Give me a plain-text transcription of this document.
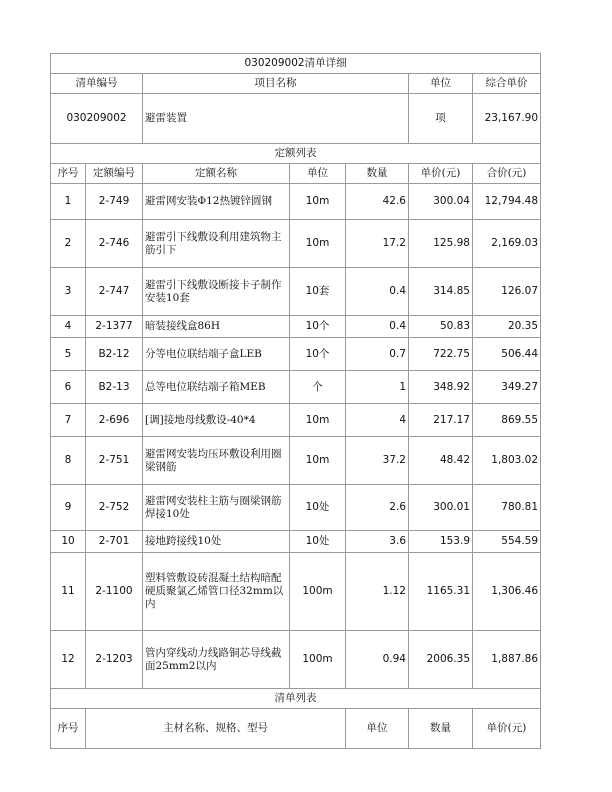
030209002清单详细							
清单编号		项目名称			单位	综合单价	
030209002		避雷装置			项	23,167.90	
定额列表							
序号	定额编号	定额名称	单位	数量	单价(元)	合价(元)	
1	2-749	避雷网安装Φ12热镀锌圆钢	10m	42.6	300.04	12,794.48	
2	2-746	避雷引下线敷设利用建筑物主筋引下	10m	17.2	125.98	2,169.03	
3	2-747	避雷引下线敷设断接卡子制作安装10套	10套	0.4	314.85	126.07	
4	2-1377	暗装接线盒86H	10个	0.4	50.83	20.35	
5	B2-12	分等电位联结端子盒LEB	10个	0.7	722.75	506.44	
6	B2-13	总等电位联结端子箱MEB	个	1	348.92	349.27	
7	2-696	[调]接地母线敷设-40*4	10m	4	217.17	869.55	
8	2-751	避雷网安装均压环敷设利用圈梁钢筋	10m	37.2	48.42	1,803.02	
9	2-752	避雷网安装柱主筋与圈梁钢筋焊接10处	10处	2.6	300.01	780.81	
10	2-701	接地跨接线10处	10处	3.6	153.9	554.59	
11	2-1100	塑料管敷设砖混凝土结构暗配硬质聚氯乙烯管口径32mm以内	100m	1.12	1165.31	1,306.46	
12	2-1203	管内穿线动力线路铜芯导线截面25mm2以内	100m	0.94	2006.35	1,887.86	
清单列表							
序号	主材名称、规格、型号			单位	数量	单价(元)	
